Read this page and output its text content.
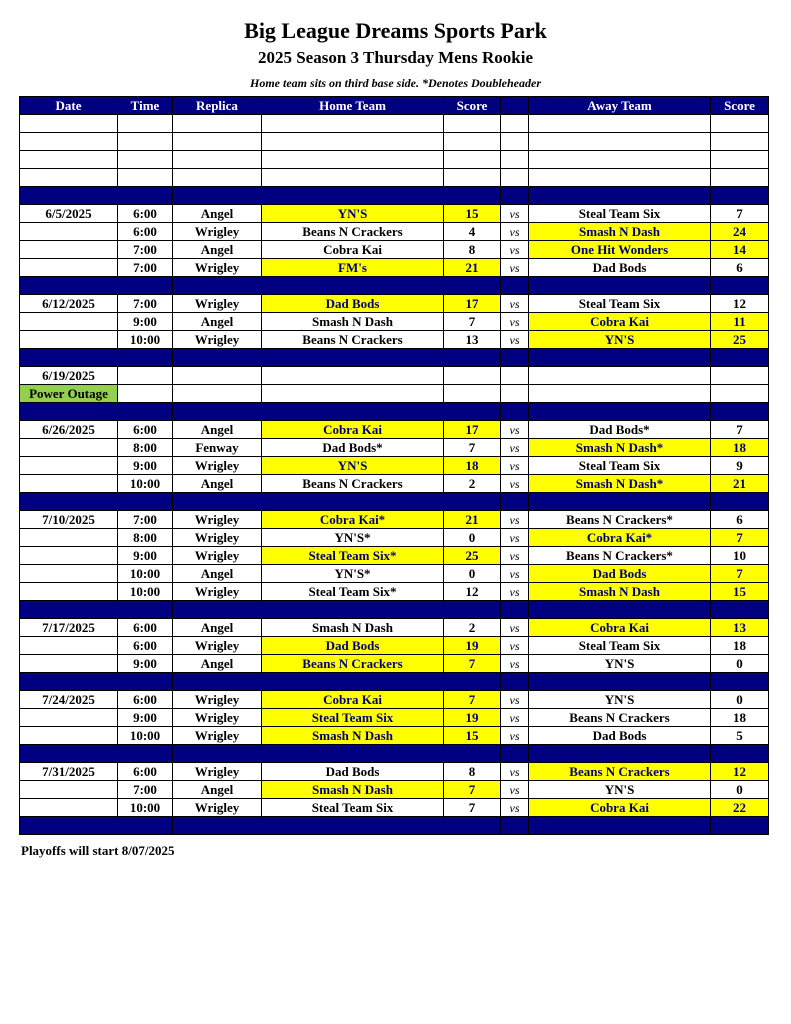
Big League Dreams Sports Park
2025 Season 3 Thursday Mens Rookie
Home team sits on third base side. *Denotes Doubleheader
Date	Time	Replica	Home Team	Score		Away Team	Score

6/5/2025	6:00	Angel	YN'S	15	vs	Steal Team Six	7
	6:00	Wrigley	Beans N Crackers	4	vs	Smash N Dash	24
	7:00	Angel	Cobra Kai	8	vs	One Hit Wonders	14
	7:00	Wrigley	FM's	21	vs	Dad Bods	6

6/12/2025	7:00	Wrigley	Dad Bods	17	vs	Steal Team Six	12
	9:00	Angel	Smash N Dash	7	vs	Cobra Kai	11
	10:00	Wrigley	Beans N Crackers	13	vs	YN'S	25

6/19/2025							
Power Outage							

6/26/2025	6:00	Angel	Cobra Kai	17	vs	Dad Bods*	7
	8:00	Fenway	Dad Bods*	7	vs	Smash N Dash*	18
	9:00	Wrigley	YN'S	18	vs	Steal Team Six	9
	10:00	Angel	Beans N Crackers	2	vs	Smash N Dash*	21

7/10/2025	7:00	Wrigley	Cobra Kai*	21	vs	Beans N Crackers*	6
	8:00	Wrigley	YN'S*	0	vs	Cobra Kai*	7
	9:00	Wrigley	Steal Team Six*	25	vs	Beans N Crackers*	10
	10:00	Angel	YN'S*	0	vs	Dad Bods	7
	10:00	Wrigley	Steal Team Six*	12	vs	Smash N Dash	15

7/17/2025	6:00	Angel	Smash N Dash	2	vs	Cobra Kai	13
	6:00	Wrigley	Dad Bods	19	vs	Steal Team Six	18
	9:00	Angel	Beans N Crackers	7	vs	YN'S	0

7/24/2025	6:00	Wrigley	Cobra Kai	7	vs	YN'S	0
	9:00	Wrigley	Steal Team Six	19	vs	Beans N Crackers	18
	10:00	Wrigley	Smash N Dash	15	vs	Dad Bods	5

7/31/2025	6:00	Wrigley	Dad Bods	8	vs	Beans N Crackers	12
	7:00	Angel	Smash N Dash	7	vs	YN'S	0
	10:00	Wrigley	Steal Team Six	7	vs	Cobra Kai	22

Playoffs will start 8/07/2025
